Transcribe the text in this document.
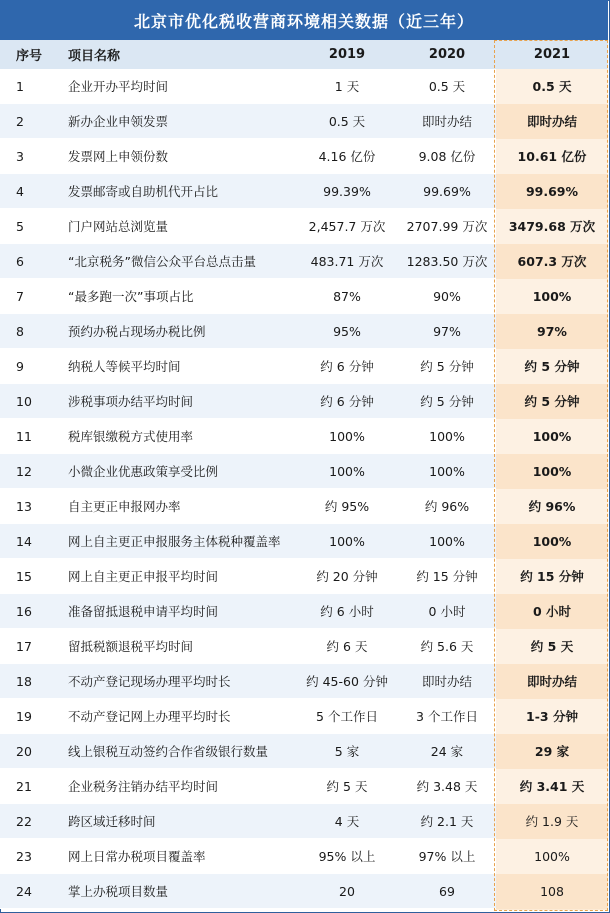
北京市优化税收营商环境相关数据（近三年）
序号	项目名称	2019	2020	2021
1	企业开办平均时间	1 天	0.5 天	0.5 天
2	新办企业申领发票	0.5 天	即时办结	即时办结
3	发票网上申领份数	4.16 亿份	9.08 亿份	10.61 亿份
4	发票邮寄或自助机代开占比	99.39%	99.69%	99.69%
5	门户网站总浏览量	2,457.7 万次	2707.99 万次	3479.68 万次
6	“北京税务”微信公众平台总点击量	483.71 万次	1283.50 万次	607.3 万次
7	“最多跑一次”事项占比	87%	90%	100%
8	预约办税占现场办税比例	95%	97%	97%
9	纳税人等候平均时间	约 6 分钟	约 5 分钟	约 5 分钟
10	涉税事项办结平均时间	约 6 分钟	约 5 分钟	约 5 分钟
11	税库银缴税方式使用率	100%	100%	100%
12	小微企业优惠政策享受比例	100%	100%	100%
13	自主更正申报网办率	约 95%	约 96%	约 96%
14	网上自主更正申报服务主体税种覆盖率	100%	100%	100%
15	网上自主更正申报平均时间	约 20 分钟	约 15 分钟	约 15 分钟
16	准备留抵退税申请平均时间	约 6 小时	0 小时	0 小时
17	留抵税额退税平均时间	约 6 天	约 5.6 天	约 5 天
18	不动产登记现场办理平均时长	约 45-60 分钟	即时办结	即时办结
19	不动产登记网上办理平均时长	5 个工作日	3 个工作日	1-3 分钟
20	线上银税互动签约合作省级银行数量	5 家	24 家	29 家
21	企业税务注销办结平均时间	约 5 天	约 3.48 天	约 3.41 天
22	跨区域迁移时间	4 天	约 2.1 天	约 1.9 天
23	网上日常办税项目覆盖率	95% 以上	97% 以上	100%
24	掌上办税项目数量	20	69	108
